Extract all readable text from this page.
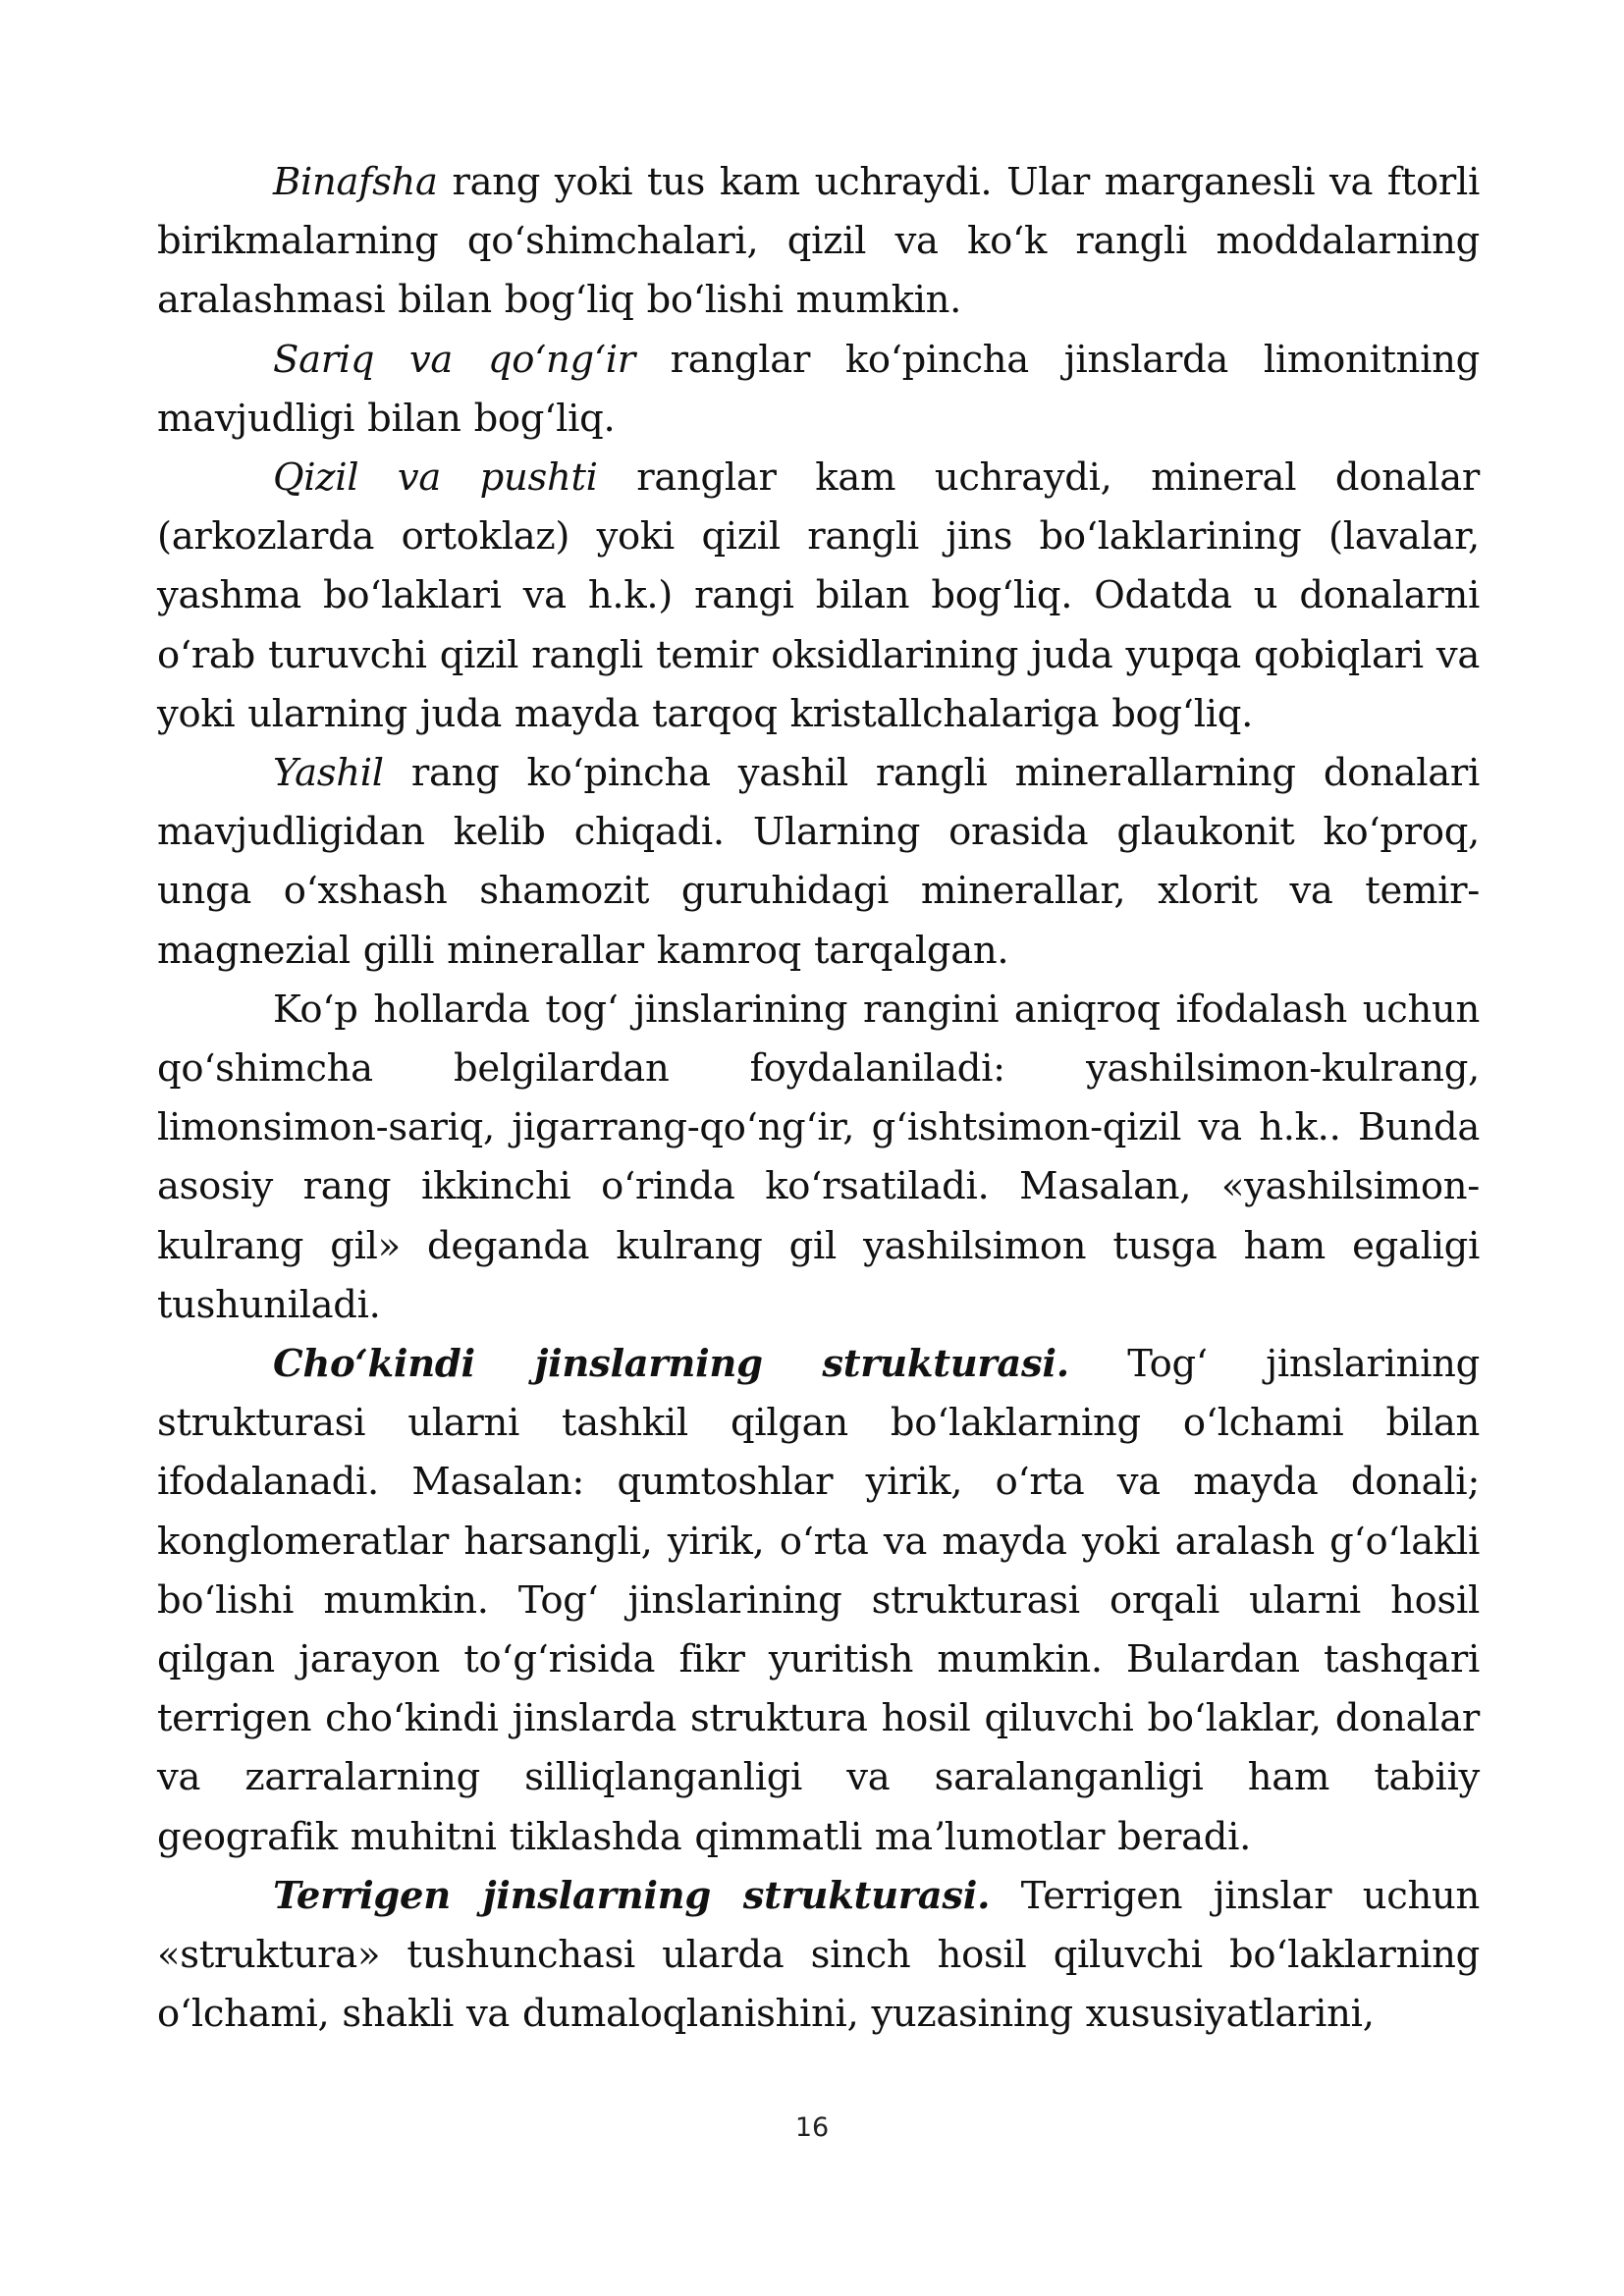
Binafsha rang yoki tus kam uchraydi. Ular marganesli va ftorli birikmalarning qoʻshimchalari, qizil va koʻk rangli moddalarning aralashmasi bilan bogʻliq boʻlishi mumkin.

Sariq va qoʻngʻir ranglar koʻpincha jinslarda limonitning mavjudligi bilan bogʻliq.

Qizil va pushti ranglar kam uchraydi, mineral donalar (arkozlarda ortoklaz) yoki qizil rangli jins boʻlaklarining (lavalar, yashma boʻlaklari va h.k.) rangi bilan bogʻliq. Odatda u donalarni oʻrab turuvchi qizil rangli temir oksidlarining juda yupqa qobiqlari va yoki ularning juda mayda tarqoq kristallchalariga bogʻliq.

Yashil rang koʻpincha yashil rangli minerallarning donalari mavjudligidan kelib chiqadi. Ularning orasida glaukonit koʻproq, unga oʻxshash shamozit guruhidagi minerallar, xlorit va temir-magnezial gilli minerallar kamroq tarqalgan.

Koʻp hollarda togʻ jinslarining rangini aniqroq ifodalash uchun qoʻshimcha belgilardan foydalaniladi: yashilsimon-kulrang, limonsimon-sariq, jigarrang-qoʻngʻir, gʻishtsimon-qizil va h.k.. Bunda asosiy rang ikkinchi oʻrinda koʻrsatiladi. Masalan, «yashilsimon-kulrang gil» deganda kulrang gil yashilsimon tusga ham egaligi tushuniladi.

Choʻkindi jinslarning strukturasi. Togʻ jinslarining strukturasi ularni tashkil qilgan boʻlaklarning oʻlchami bilan ifodalanadi. Masalan: qumtoshlar yirik, oʻrta va mayda donali; konglomeratlar harsangli, yirik, oʻrta va mayda yoki aralash gʻoʻlakli boʻlishi mumkin. Togʻ jinslarining strukturasi orqali ularni hosil qilgan jarayon toʻgʻrisida fikr yuritish mumkin. Bulardan tashqari terrigen choʻkindi jinslarda struktura hosil qiluvchi boʻlaklar, donalar va zarralarning silliqlanganligi va saralanganligi ham tabiiy geografik muhitni tiklashda qimmatli maʼlumotlar beradi.

Terrigen jinslarning strukturasi. Terrigen jinslar uchun «struktura» tushunchasi ularda sinch hosil qiluvchi boʻlaklarning oʻlchami, shakli va dumaloqlanishini, yuzasining xususiyatlarini,

16
